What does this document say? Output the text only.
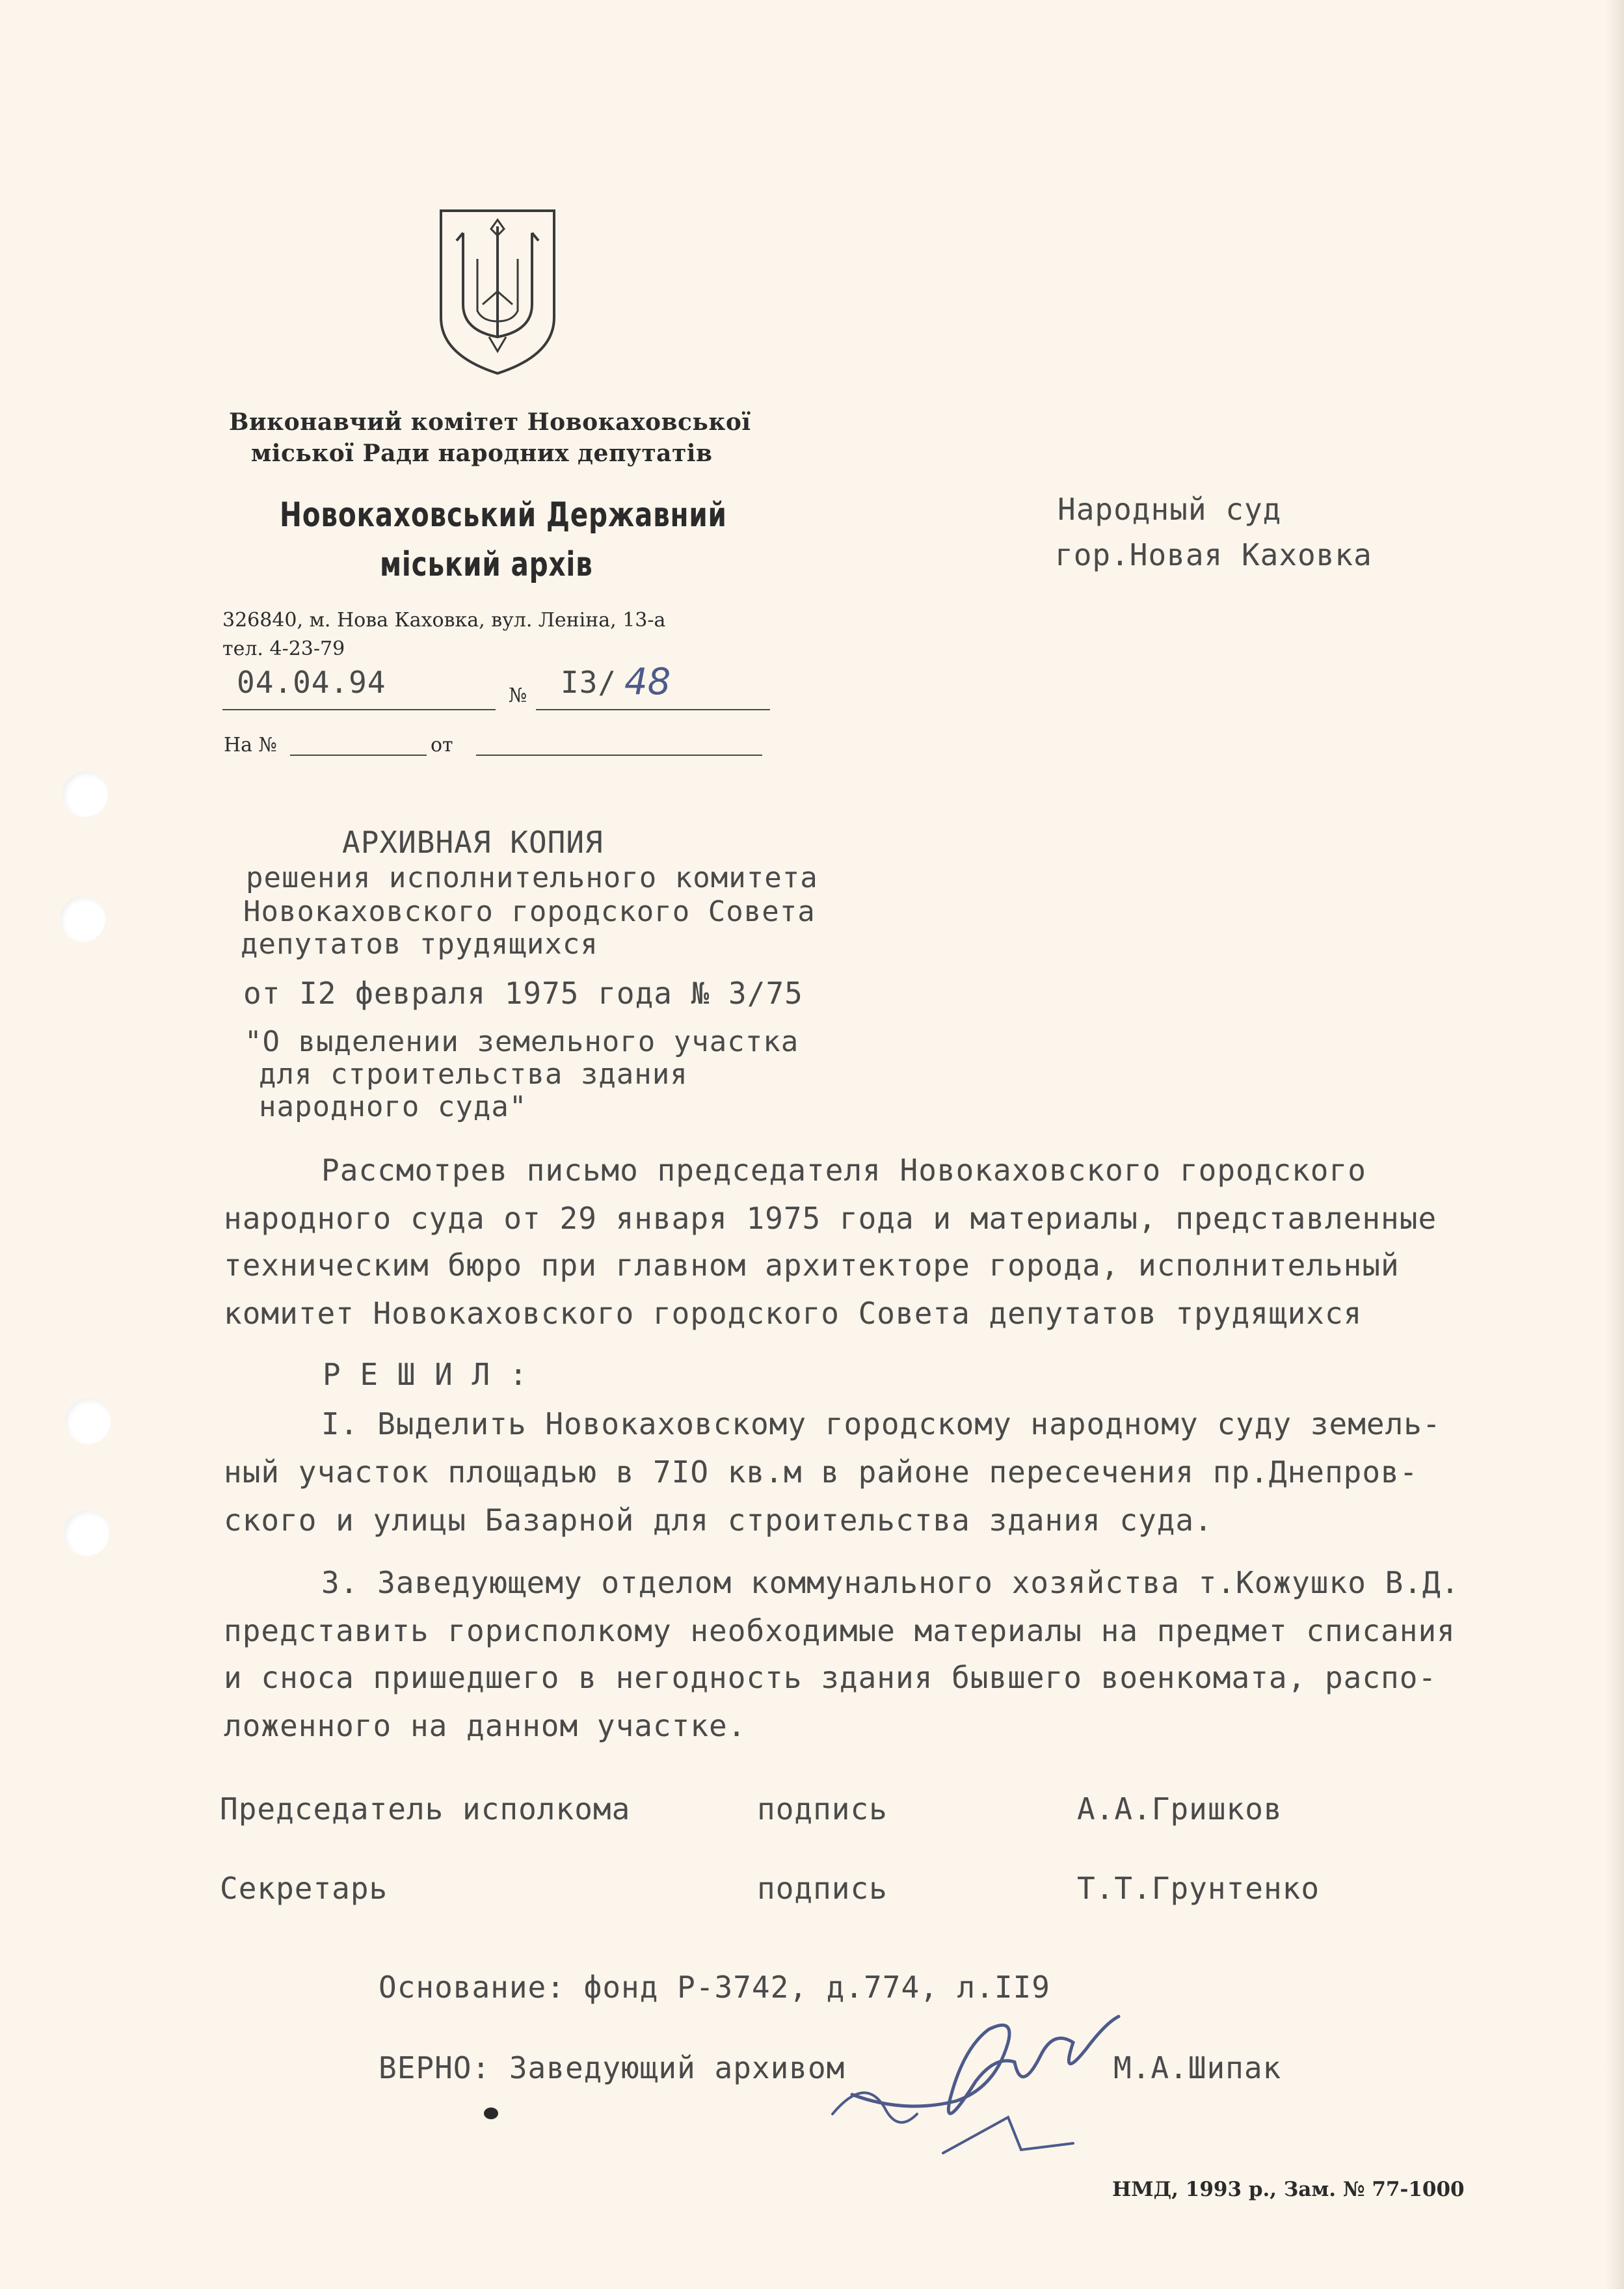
Виконавчий комітет Новокаховської
міської Ради народних депутатів
Новокаховський Державний
міський архів
326840, м. Нова Каховка, вул. Леніна, 13-а
тел. 4-23-79
04.04.94	№ I3/ 48
На №	от
Народный суд
гор.Новая Каховка
АРХИВНАЯ КОПИЯ
решения исполнительного комитета
Новокаховского городского Совета
депутатов трудящихся
от I2 февраля 1975 года № 3/75
"О выделении земельного участка
для строительства здания
народного суда"
Рассмотрев письмо председателя Новокаховского городского
народного суда от 29 января 1975 года и материалы, представленные
техническим бюро при главном архитекторе города, исполнительный
комитет Новокаховского городского Совета депутатов трудящихся
Р Е Ш И Л :
I. Выделить Новокаховскому городскому народному суду земель-
ный участок площадью в 7IO кв.м в районе пересечения пр.Днепров-
ского и улицы Базарной для строительства здания суда.
3. Заведующему отделом коммунального хозяйства т.Кожушко В.Д.
представить горисполкому необходимые материалы на предмет списания
и сноса пришедшего в негодность здания бывшего военкомата, распо-
ложенного на данном участке.
Председатель исполкома	подпись	А.А.Гришков
Секретарь	подпись	Т.Т.Грунтенко
Основание: фонд Р-3742, д.774, л.II9
ВЕРНО: Заведующий архивом	М.А.Шипак
НМД, 1993 р., Зам. № 77-1000
